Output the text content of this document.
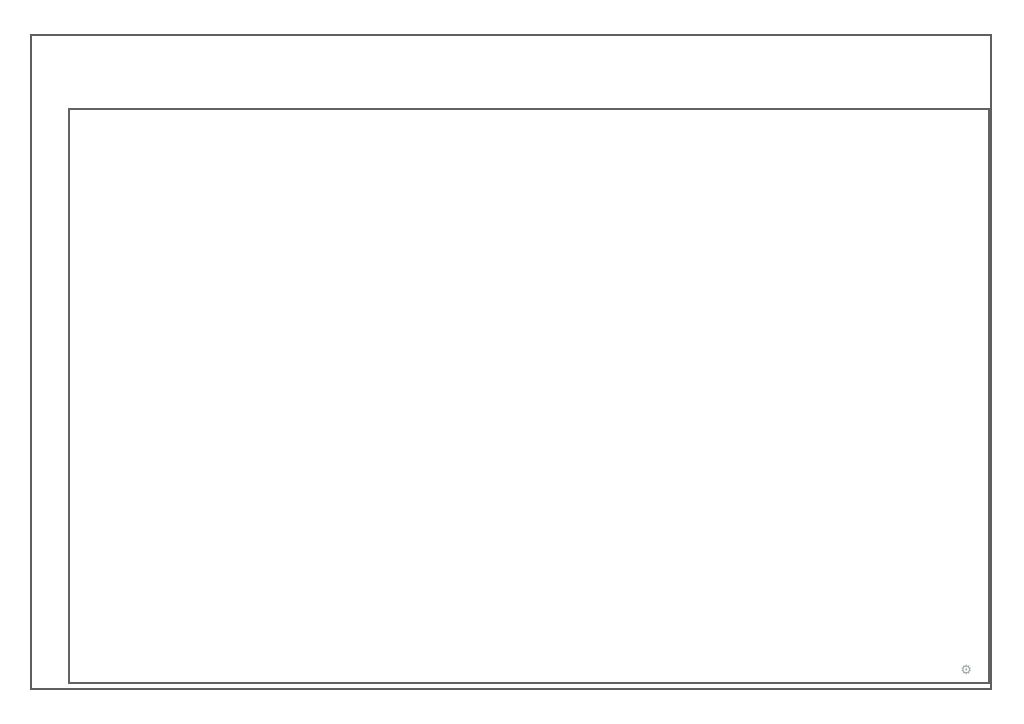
⚙
